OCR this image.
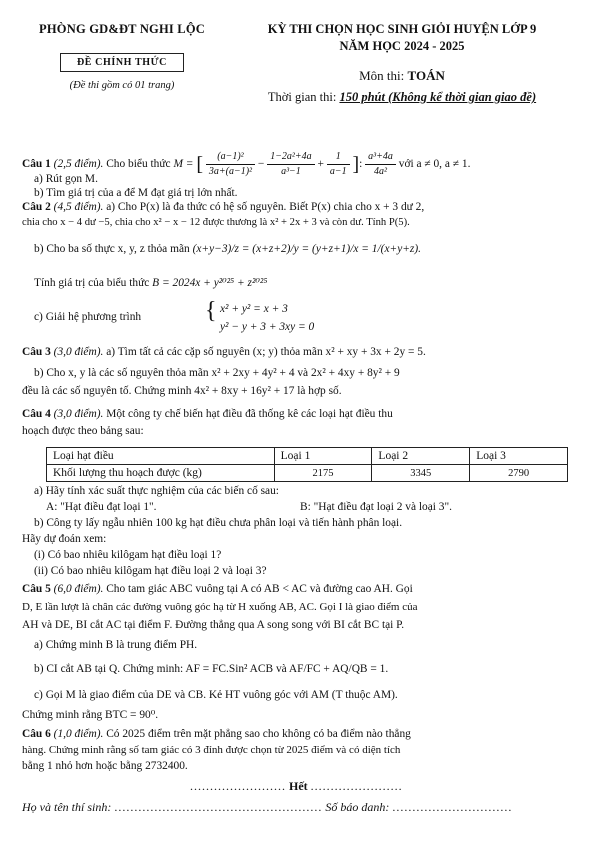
PHÒNG GD&ĐT NGHI LỘC
ĐỀ CHÍNH THỨC
(Đề thi gồm có 01 trang)
KỲ THI CHỌN HỌC SINH GIỎI HUYỆN LỚP 9
NĂM HỌC 2024 - 2025
Môn thi: TOÁN
Thời gian thi: 150 phút (Không kể thời gian giao đề)
Câu 1 (2,5 điểm). Cho biểu thức M = [ $\frac{\text{(a−1)²}}{\text{3a+(a−1)²}} - \frac{\text{1−2a²+4a}}{\text{a³−1}} + \frac{1}{a-1}$ ]: $\frac{\text{a³+4a}}{\text{4a²}}$ với a ≠ 0, a ≠ 1.
a) Rút gọn M.
b) Tìm giá trị của a để M đạt giá trị lớn nhất.
Câu 2 (4,5 điểm). a) Cho P(x) là đa thức có hệ số nguyên. Biết P(x) chia cho x + 3 dư 2,
chia cho x − 4 dư −5, chia cho x² − x − 12 được thương là x² + 2x + 3 và còn dư. Tính P(5).
b) Cho ba số thực x, y, z thỏa mãn (x+y−3)/z = (x+z+2)/y = (y+z+1)/x = 1/(x+y+z).
Tính giá trị của biểu thức B = 2024x + y²⁰²⁵ + z²⁰²⁵
c) Giải hệ phương trình	{ x² + y² = x + 3
y² − y + 3 + 3xy = 0
Câu 3 (3,0 điểm). a) Tìm tất cả các cặp số nguyên (x; y) thỏa mãn x² + xy + 3x + 2y = 5.
b) Cho x, y là các số nguyên thỏa mãn x² + 2xy + 4y² + 4 và 2x² + 4xy + 8y² + 9
đều là các số nguyên tố. Chứng minh 4x² + 8xy + 16y² + 17 là hợp số.
Câu 4 (3,0 điểm). Một công ty chế biến hạt điều đã thống kê các loại hạt điều thu
hoạch được theo bảng sau:
Loại hạt điều	Loại 1	Loại 2	Loại 3
Khối lượng thu hoạch được (kg)	2175	3345	2790
a) Hãy tính xác suất thực nghiệm của các biến cố sau:
A: "Hạt điều đạt loại 1".	B: "Hạt điều đạt loại 2 và loại 3".
b) Công ty lấy ngẫu nhiên 100 kg hạt điều chưa phân loại và tiến hành phân loại.
Hãy dự đoán xem:
(i) Có bao nhiêu kilôgam hạt điều loại 1?
(ii) Có bao nhiêu kilôgam hạt điều loại 2 và loại 3?
Câu 5 (6,0 điểm). Cho tam giác ABC vuông tại A có AB < AC và đường cao AH. Gọi
D, E lần lượt là chân các đường vuông góc hạ từ H xuống AB, AC. Gọi I là giao điểm của
AH và DE, BI cắt AC tại điểm F. Đường thẳng qua A song song với BI cắt BC tại P.
a) Chứng minh B là trung điểm PH.
b) CI cắt AB tại Q. Chứng minh: AF = FC.Sin² ACB và AF/FC + AQ/QB = 1.
c) Gọi M là giao điểm của DE và CB. Kẻ HT vuông góc với AM (T thuộc AM).
Chứng minh rằng BTC = 90⁰.
Câu 6 (1,0 điểm). Có 2025 điểm trên mặt phẳng sao cho không có ba điểm nào thẳng
hàng. Chứng minh rằng số tam giác có 3 đỉnh được chọn từ 2025 điểm và có diện tích
bằng 1 nhỏ hơn hoặc bằng 2732400.
........................ Hết .......................
Họ và tên thí sinh: .................................................... Số báo danh: ..............................
